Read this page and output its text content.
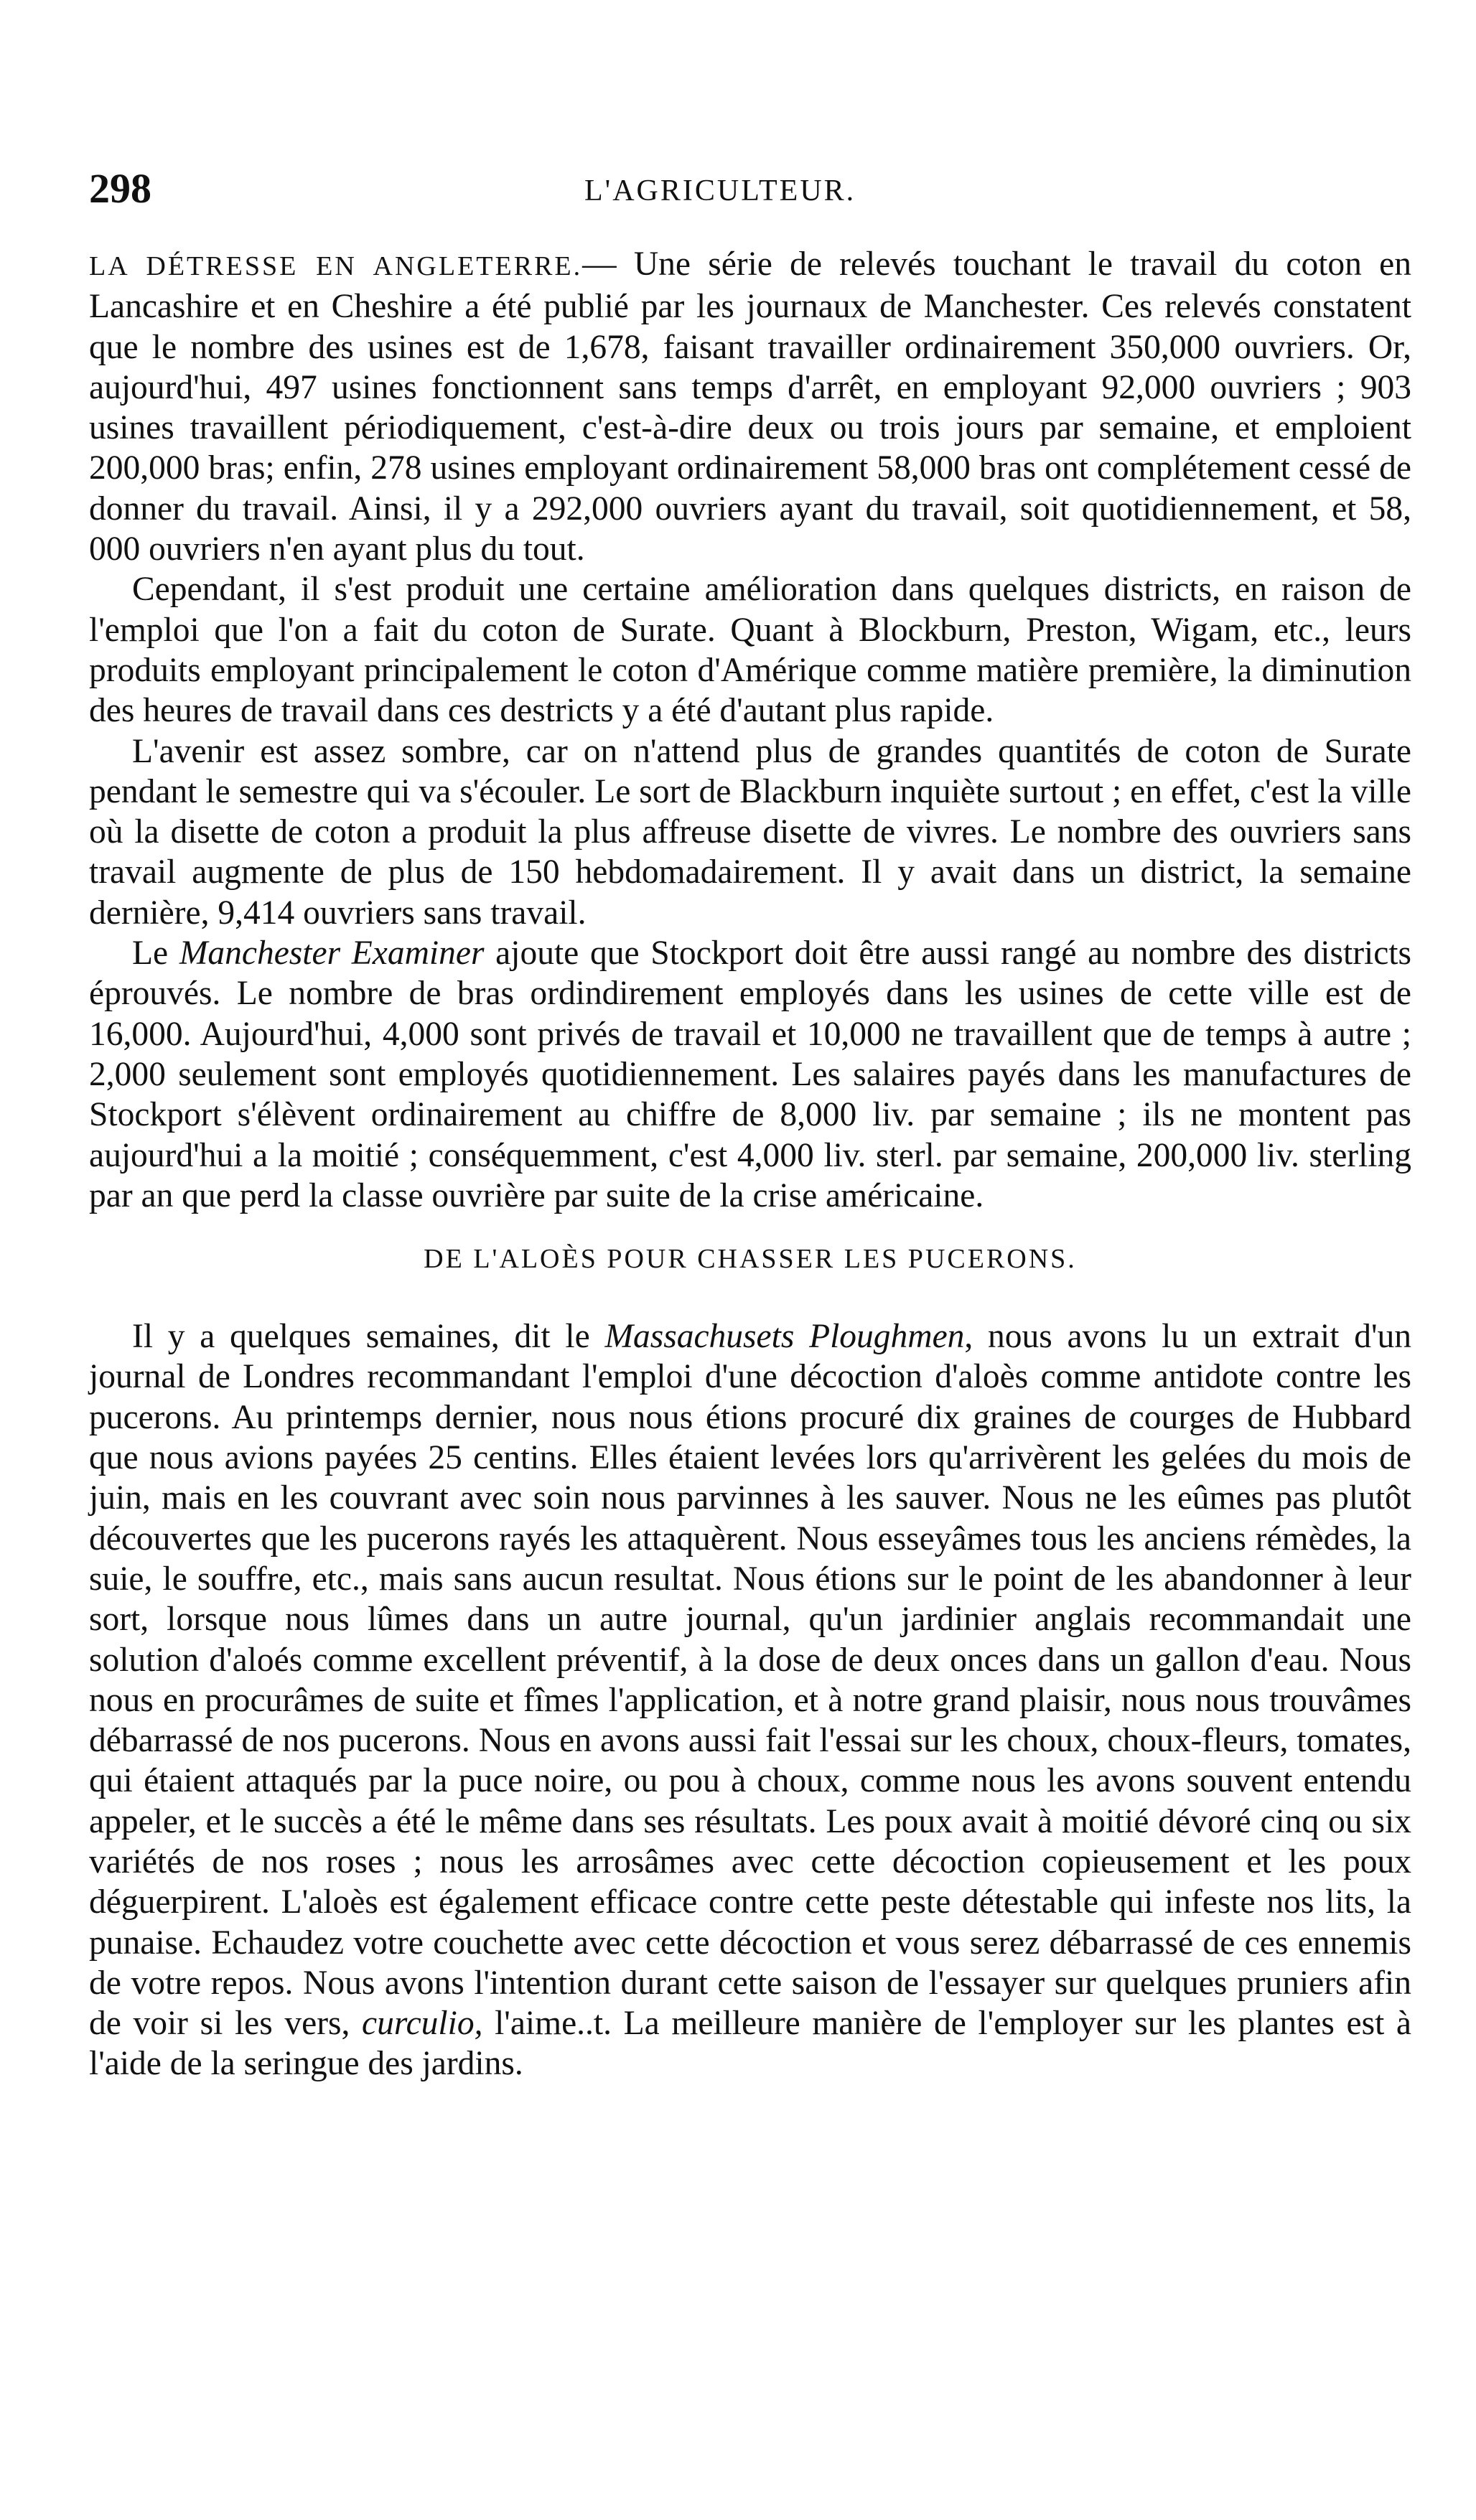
298	L'AGRICULTEUR.

LA DÉTRESSE EN ANGLETERRE.— Une série de relevés touchant le travail du coton en Lancashire et en Cheshire a été publié par les journaux de Manchester. Ces relevés constatent que le nombre des usines est de 1,678, faisant travailler ordinairement 350,000 ouvriers. Or, aujourd'hui, 497 usines fonctionnent sans temps d'arrêt, en employant 92,000 ouvriers ; 903 usines travaillent périodiquement, c'est-à-dire deux ou trois jours par semaine, et emploient 200,000 bras; enfin, 278 usines employant ordinairement 58,000 bras ont complétement cessé de donner du travail. Ainsi, il y a 292,000 ouvriers ayant du travail, soit quotidiennement, et 58, 000 ouvriers n'en ayant plus du tout.

Cependant, il s'est produit une certaine amélioration dans quelques districts, en raison de l'emploi que l'on a fait du coton de Surate. Quant à Blockburn, Preston, Wigam, etc., leurs produits employant principalement le coton d'Amérique comme matière première, la diminution des heures de travail dans ces destricts y a été d'autant plus rapide.

L'avenir est assez sombre, car on n'attend plus de grandes quantités de coton de Surate pendant le semestre qui va s'écouler. Le sort de Blackburn inquiète surtout ; en effet, c'est la ville où la disette de coton a produit la plus affreuse disette de vivres. Le nombre des ouvriers sans travail augmente de plus de 150 hebdomadairement. Il y avait dans un district, la semaine dernière, 9,414 ouvriers sans travail.

Le Manchester Examiner ajoute que Stockport doit être aussi rangé au nombre des districts éprouvés. Le nombre de bras ordindirement employés dans les usines de cette ville est de 16,000. Aujourd'hui, 4,000 sont privés de travail et 10,000 ne travaillent que de temps à autre ; 2,000 seulement sont employés quotidiennement. Les salaires payés dans les manufactures de Stockport s'élèvent ordinairement au chiffre de 8,000 liv. par semaine ; ils ne montent pas aujourd'hui a la moitié ; conséquemment, c'est 4,000 liv. sterl. par semaine, 200,000 liv. sterling par an que perd la classe ouvrière par suite de la crise américaine.

DE L'ALOÈS POUR CHASSER LES PUCERONS.

Il y a quelques semaines, dit le Massachusets Ploughmen, nous avons lu un extrait d'un journal de Londres recommandant l'emploi d'une décoction d'aloès comme antidote contre les pucerons. Au printemps dernier, nous nous étions procuré dix graines de courges de Hubbard que nous avions payées 25 centins. Elles étaient levées lors qu'arrivèrent les gelées du mois de juin, mais en les couvrant avec soin nous parvinnes à les sauver. Nous ne les eûmes pas plutôt découvertes que les pucerons rayés les attaquèrent. Nous esseyâmes tous les anciens rémèdes, la suie, le souffre, etc., mais sans aucun resultat. Nous étions sur le point de les abandonner à leur sort, lorsque nous lûmes dans un autre journal, qu'un jardinier anglais recommandait une solution d'aloés comme excellent préventif, à la dose de deux onces dans un gallon d'eau. Nous nous en procurâmes de suite et fîmes l'application, et à notre grand plaisir, nous nous trouvâmes débarrassé de nos pucerons. Nous en avons aussi fait l'essai sur les choux, choux-fleurs, tomates, qui étaient attaqués par la puce noire, ou pou à choux, comme nous les avons souvent entendu appeler, et le succès a été le même dans ses résultats. Les poux avait à moitié dévoré cinq ou six variétés de nos roses ; nous les arrosâmes avec cette décoction copieusement et les poux déguerpirent. L'aloès est également efficace contre cette peste détestable qui infeste nos lits, la punaise. Echaudez votre couchette avec cette décoction et vous serez débarrassé de ces ennemis de votre repos. Nous avons l'intention durant cette saison de l'essayer sur quelques pruniers afin de voir si les vers, curculio, l'aime..t. La meilleure manière de l'employer sur les plantes est à l'aide de la seringue des jardins.
